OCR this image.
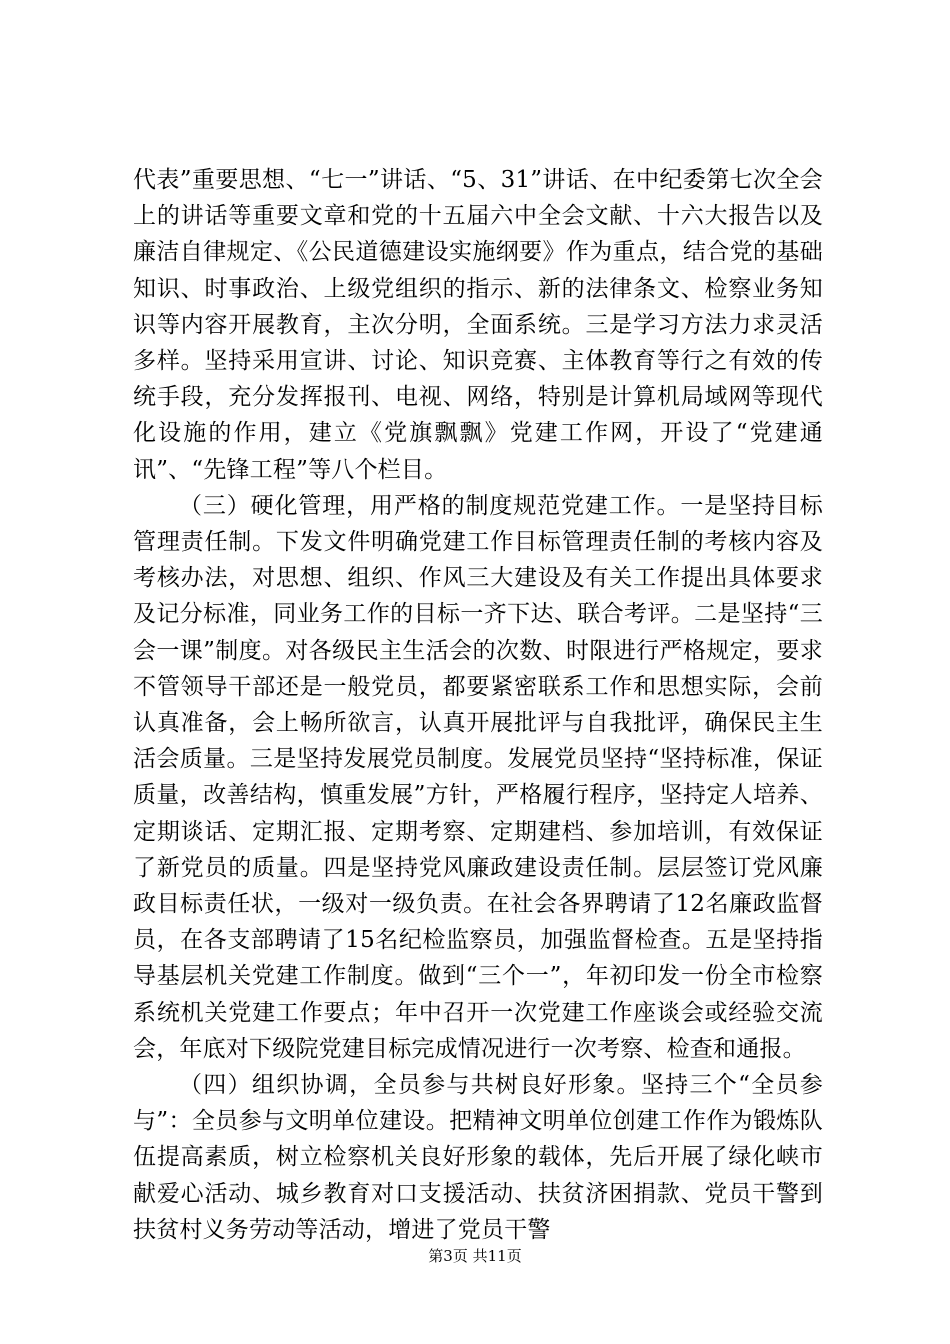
代表”重要思想、“七一”讲话、“5、31”讲话、在中纪委第七次全会上的讲话等重要文章和党的十五届六中全会文献、十六大报告以及廉洁自律规定、《公民道德建设实施纲要》作为重点，结合党的基础知识、时事政治、上级党组织的指示、新的法律条文、检察业务知识等内容开展教育，主次分明，全面系统。三是学习方法力求灵活多样。坚持采用宣讲、讨论、知识竞赛、主体教育等行之有效的传统手段，充分发挥报刊、电视、网络，特别是计算机局域网等现代化设施的作用，建立《党旗飘飘》党建工作网，开设了“党建通讯”、“先锋工程”等八个栏目。

（三）硬化管理，用严格的制度规范党建工作。一是坚持目标管理责任制。下发文件明确党建工作目标管理责任制的考核内容及考核办法，对思想、组织、作风三大建设及有关工作提出具体要求及记分标准，同业务工作的目标一齐下达、联合考评。二是坚持“三会一课”制度。对各级民主生活会的次数、时限进行严格规定，要求不管领导干部还是一般党员，都要紧密联系工作和思想实际，会前认真准备，会上畅所欲言，认真开展批评与自我批评，确保民主生活会质量。三是坚持发展党员制度。发展党员坚持“坚持标准，保证质量，改善结构，慎重发展”方针，严格履行程序，坚持定人培养、定期谈话、定期汇报、定期考察、定期建档、参加培训，有效保证了新党员的质量。四是坚持党风廉政建设责任制。层层签订党风廉政目标责任状，一级对一级负责。在社会各界聘请了12名廉政监督员，在各支部聘请了15名纪检监察员，加强监督检查。五是坚持指导基层机关党建工作制度。做到“三个一”，年初印发一份全市检察系统机关党建工作要点；年中召开一次党建工作座谈会或经验交流会，年底对下级院党建目标完成情况进行一次考察、检查和通报。

（四）组织协调，全员参与共树良好形象。坚持三个“全员参与”：全员参与文明单位建设。把精神文明单位创建工作作为锻炼队伍提高素质，树立检察机关良好形象的载体，先后开展了绿化峡市献爱心活动、城乡教育对口支援活动、扶贫济困捐款、党员干警到扶贫村义务劳动等活动，增进了党员干警

第3页 共11页
